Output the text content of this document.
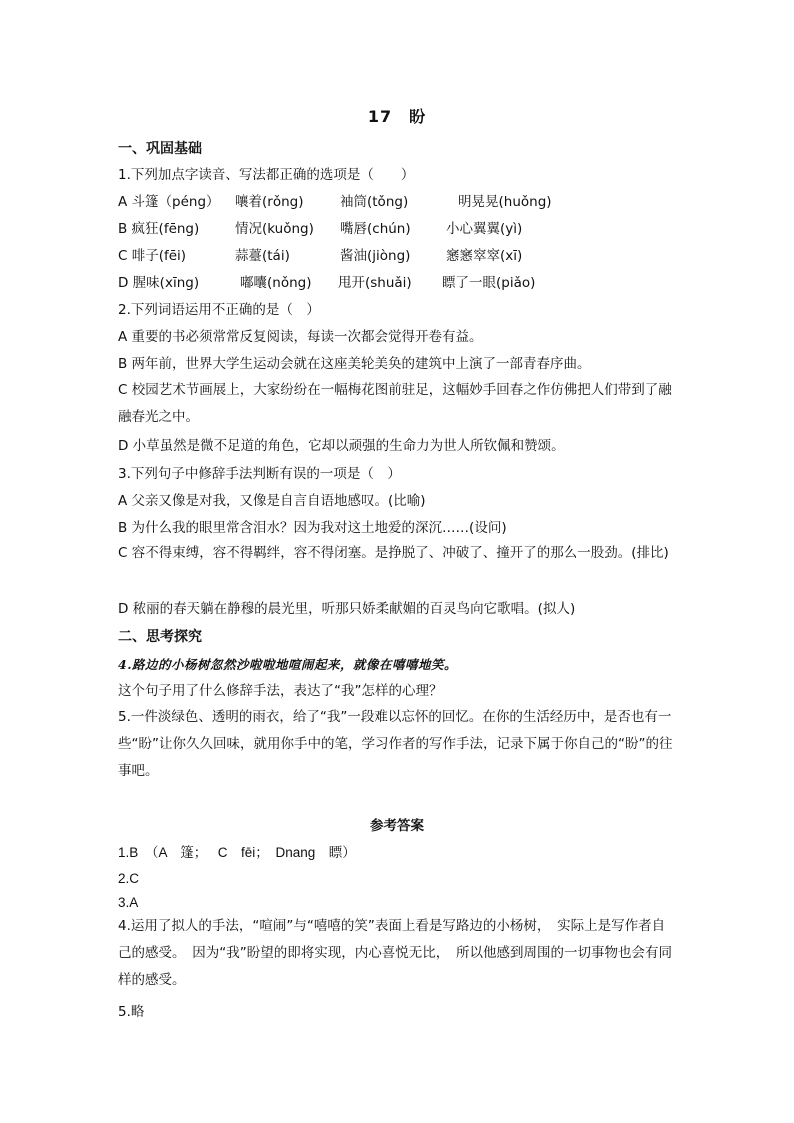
17　盼
一、巩固基础
1.下列加点字读音、写法都正确的选项是（　　）
A 斗篷（péng） 嚷着(rǒng)	袖筒(tǒng)	明晃晃(huǒng)
B 疯狂(fēng)	情况(kuǒng) 嘴唇(chún)	小心翼翼(yì)
C 啡子(fēi)	蒜薹(tái)	酱油(jiòng)	窸窸窣窣(xī)
D 腥味(xīng)	嘟囔(nǒng) 甩开(shuǎi) 瞟了一眼(piǎo)
2.下列词语运用不正确的是（　）
A 重要的书必须常常反复阅读，每读一次都会觉得开卷有益。
B 两年前，世界大学生运动会就在这座美轮美奂的建筑中上演了一部青春序曲。
C 校园艺术节画展上，大家纷纷在一幅梅花图前驻足，这幅妙手回春之作仿佛把人们带到了融融春光之中。
D 小草虽然是微不足道的角色，它却以顽强的生命力为世人所钦佩和赞颂。
3.下列句子中修辞手法判断有误的一项是（　）
A 父亲又像是对我，又像是自言自语地感叹。(比喻)
B 为什么我的眼里常含泪水？因为我对这土地爱的深沉……(设问)
C 容不得束缚，容不得羁绊，容不得闭塞。是挣脱了、冲破了、撞开了的那么一股劲。(排比)
D 秾丽的春天躺在静穆的晨光里，听那只娇柔献媚的百灵鸟向它歌唱。(拟人)
二、思考探究
4.路边的小杨树忽然沙啦啦地喧闹起来，就像在嘻嘻地笑。
这个句子用了什么修辞手法，表达了“我”怎样的心理？
5.一件淡绿色、透明的雨衣，给了“我”一段难以忘怀的回忆。在你的生活经历中，是否也有一些“盼”让你久久回味，就用你手中的笔，学习作者的写作手法，记录下属于你自己的“盼”的往事吧。
参考答案
1.B　（A　篷；　 C　fēi；　Dnang　瞟）
2.C
3.A
4.运用了拟人的手法，“喧闹”与“嘻嘻的笑”表面上看是写路边的小杨树，　实际上是写作者自己的感受。　因为“我”盼望的即将实现，内心喜悦无比，　所以他感到周围的一切事物也会有同样的感受。
5.略
